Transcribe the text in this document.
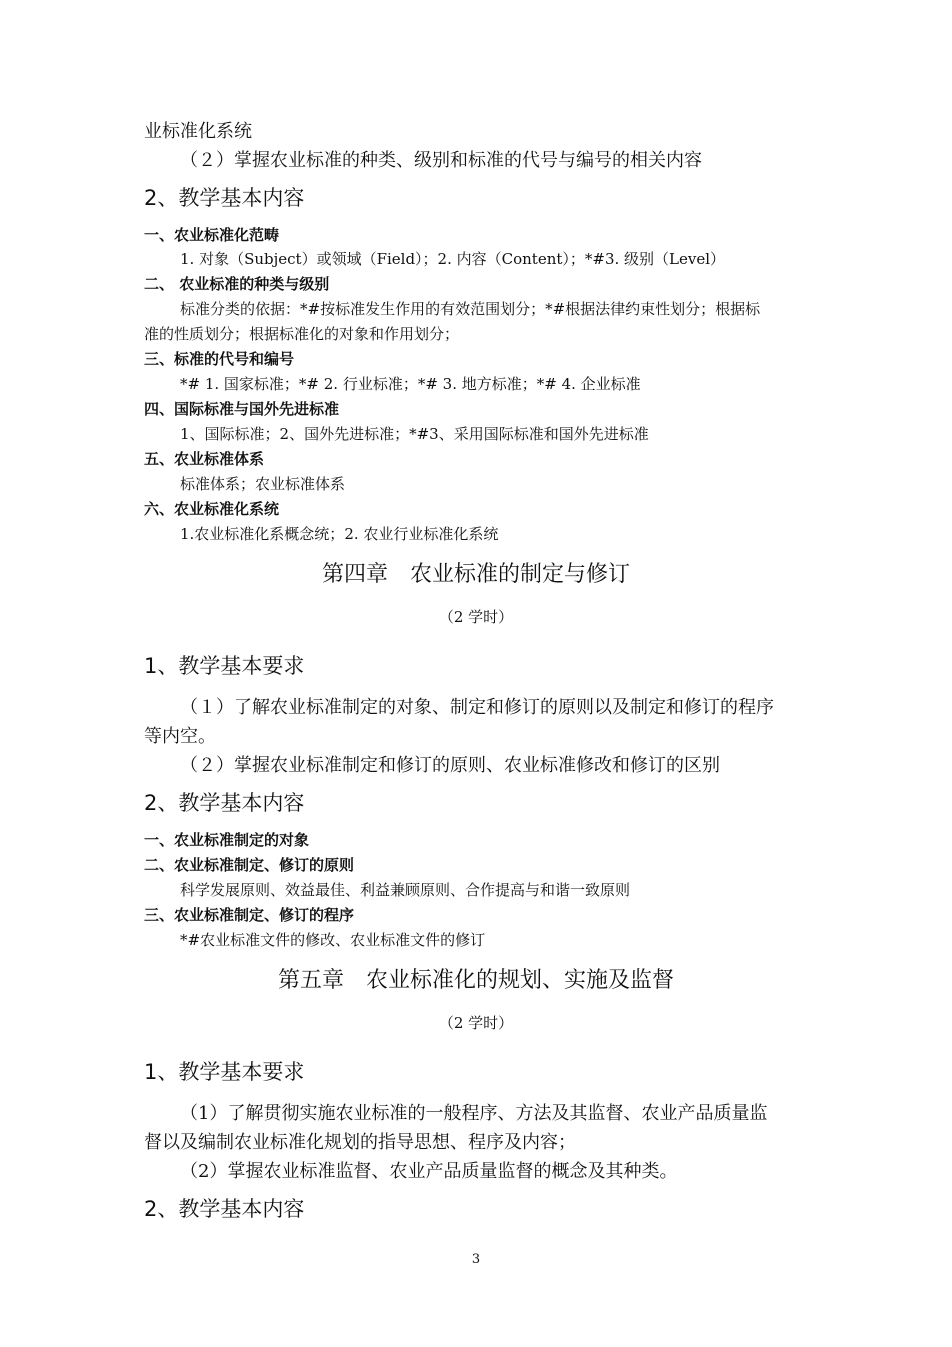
业标准化系统
（２）掌握农业标准的种类、级别和标准的代号与编号的相关内容
2、教学基本内容
一、农业标准化范畴
1. 对象（Subject）或领域（Field）；2. 内容（Content）；*#3. 级别（Level）
二、 农业标准的种类与级别
标准分类的依据：*#按标准发生作用的有效范围划分；*#根据法律约束性划分；根据标
准的性质划分；根据标准化的对象和作用划分；
三、标准的代号和编号
*# 1. 国家标准；*# 2. 行业标准；*# 3. 地方标准；*# 4. 企业标准
四、国际标准与国外先进标准
1、国际标准；2、国外先进标准；*#3、采用国际标准和国外先进标准
五、农业标准体系
标准体系；农业标准体系
六、农业标准化系统
1.农业标准化系概念统；2. 农业行业标准化系统
第四章　农业标准的制定与修订
（2 学时）
1、教学基本要求
（１）了解农业标准制定的对象、制定和修订的原则以及制定和修订的程序
等内空。
（２）掌握农业标准制定和修订的原则、农业标准修改和修订的区别
2、教学基本内容
一、农业标准制定的对象
二、农业标准制定、修订的原则
科学发展原则、效益最佳、利益兼顾原则、合作提高与和谐一致原则
三、农业标准制定、修订的程序
*#农业标准文件的修改、农业标准文件的修订
第五章　农业标准化的规划、实施及监督
（2 学时）
1、教学基本要求
（1）了解贯彻实施农业标准的一般程序、方法及其监督、农业产品质量监
督以及编制农业标准化规划的指导思想、程序及内容；
（2）掌握农业标准监督、农业产品质量监督的概念及其种类。
2、教学基本内容
3
